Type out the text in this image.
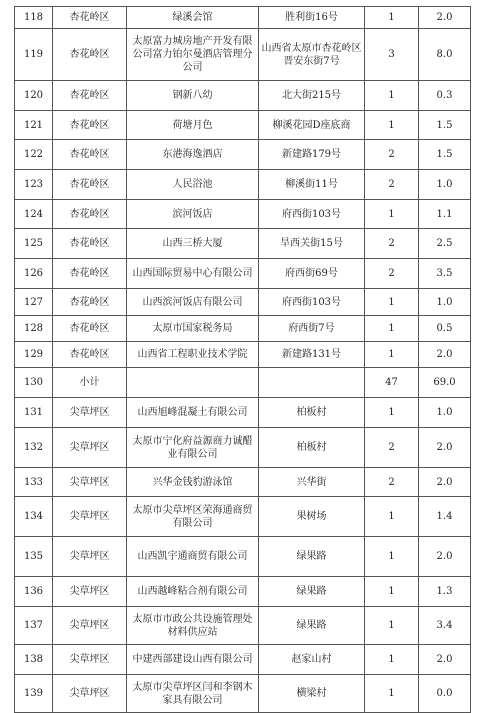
118	杏花岭区	绿溪会馆	胜利街16号	1	2.0
119	杏花岭区	太原富力城房地产开发有限公司富力铂尔曼酒店管理分公司	山西省太原市杏花岭区晋安东街7号	3	8.0
120	杏花岭区	钢新八幼	北大街215号	1	0.3
121	杏花岭区	荷塘月色	柳溪花园D座底商	1	1.5
122	杏花岭区	东港海逸酒店	新建路179号	2	1.5
123	杏花岭区	人民浴池	柳溪街11号	2	1.0
124	杏花岭区	滨河饭店	府西街103号	1	1.1
125	杏花岭区	山西三桥大厦	旱西关街15号	2	2.5
126	杏花岭区	山西国际贸易中心有限公司	府西街69号	2	3.5
127	杏花岭区	山西滨河饭店有限公司	府西街103号	1	1.0
128	杏花岭区	太原市国家税务局	府西街7号	1	0.5
129	杏花岭区	山西省工程职业技术学院	新建路131号	1	2.0
130	小计			47	69.0
131	尖草坪区	山西旭峰混凝土有限公司	柏板村	1	1.0
132	尖草坪区	太原市宁化府益源商力诚醋业有限公司	柏板村	2	2.0
133	尖草坪区	兴华金钱豹游泳馆	兴华街	2	2.0
134	尖草坪区	太原市尖草坪区荣海通商贸有限公司	果树场	1	1.4
135	尖草坪区	山西凯宇通商贸有限公司	绿果路	1	2.0
136	尖草坪区	山西越峰粘合剂有限公司	绿果路	1	1.3
137	尖草坪区	太原市市政公共设施管理处材料供应站	绿果路	1	3.4
138	尖草坪区	中建西部建设山西有限公司	赵家山村	1	2.0
139	尖草坪区	太原市尖草坪区闫和李钢木家具有限公司	横梁村	1	0.0
